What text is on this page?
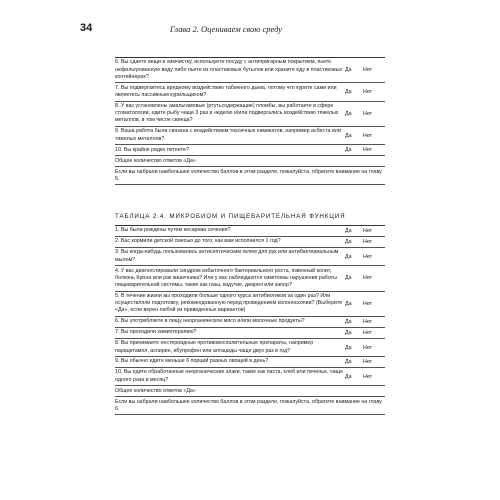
34	Глава 2. Оцениваем свою среду
6. Вы сдаете вещи в химчистку, используете посуду с антипригарным покрытием, пьете нефильтрованную воду либо пьете из пластиковых бутылок или храните еду в пластиковых контейнерах?
Да	Нет
7. Вы подвергаетесь вредному воздействию табачного дыма, потому что курите сами или являетесь пассивным курильщиком?	Да	Нет
8. У вас установлены амальгамовые (ртутьсодержащие) пломбы, вы работаете в сфере стоматологии, едите рыбу чаще 3 раз в неделю и/или подвергались воздействию тяжелых металлов, в том числе свинца?
Да	Нет
9. Ваша работа была связана с воздействием токсичных химикатов, например асбеста или тяжелых металлов?	Да	Нет
10. Вы крайне редко потеете?	Да	Нет
Общее количество ответов «Да»
Если вы набрали наибольшее количество баллов в этом разделе, пожалуйста, обратите внимание на главу 5.
ТАБЛИЦА 2.4. МИКРОБИОМ И ПИЩЕВАРИТЕЛЬНАЯ ФУНКЦИЯ
1. Вы были рождены путем кесарева сечения?	Да	Нет
2. Вас кормили детской смесью до того, как вам исполнился 1 год?	Да	Нет
3. Вы когда-нибудь пользовались антисептическим гелем для рук или антибактериальным мылом?	Да	Нет
4. У вас диагностировали синдром избыточного бактериального роста, язвенный колит, болезнь Крона или рак кишечника? Или у вас наблюдаются симптомы нарушения работы пищеварительной системы, такие как газы, вздутие, диарея или запор?
Да	Нет
5. В течение жизни вы проходили больше одного курса антибиотиков за один раз? Или осуществляли подготовку, рекомендованную перед проведением колоноскопии? (Выберите «Да», если верен любой из приведенных вариантов)
Да	Нет
6. Вы употребляете в пищу неорганическое мясо и/или молочные продукты?	Да	Нет
7. Вы проходили химиотерапию?	Да	Нет
8. Вы принимаете нестероидные противовоспалительные препараты, например парацетамол, аспирин, ибупрофен или антациды чаще двух раз в год?	Да	Нет
9. Вы обычно едите меньше 6 порций разных овощей в день?	Да	Нет
10. Вы едите обработанные неорганические злаки, такие как паста, хлеб или печенье, чаще одного раза в месяц?	Да	Нет
Общее количество ответов «Да»
Если вы набрали наибольшее количество баллов в этом разделе, пожалуйста, обратите внимание на главу 6.
